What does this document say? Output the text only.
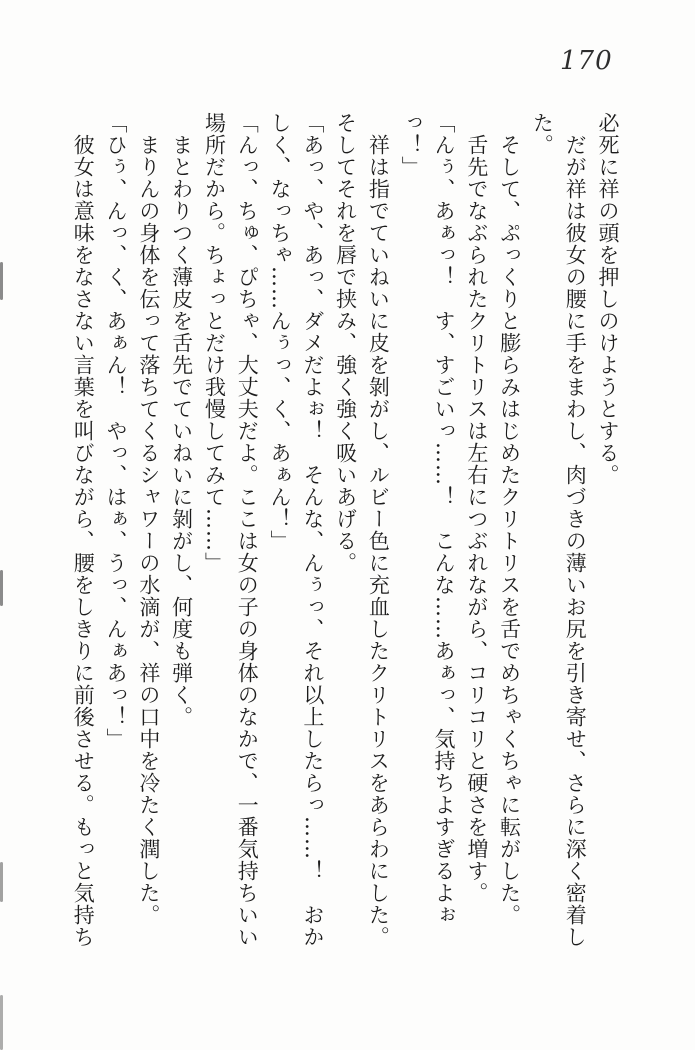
170

必死に祥の頭を押しのけようとする。

　だが祥は彼女の腰に手をまわし、肉づきの薄いお尻を引き寄せ、さらに深く密着し

た。

　そして、ぷっくりと膨らみはじめたクリトリスを舌でめちゃくちゃに転がした。

　舌先でなぶられたクリトリスは左右につぶれながら、コリコリと硬さを増す。

「んぅ、あぁっ！　す、すごいっ……！　こんな……あぁっ、気持ちよすぎるよぉ

っ！」

　祥は指でていねいに皮を剝がし、ルビー色に充血したクリトリスをあらわにした。

そしてそれを唇で挟み、強く強く吸いあげる。

「あっ、や、あっ、ダメだよぉ！　そんな、んぅっ、それ以上したらっ……！　おか

しく、なっちゃ……んぅっ、く、あぁん！」

「んっ、ちゅ、ぴちゃ、大丈夫だよ。ここは女の子の身体のなかで、一番気持ちいい

場所だから。ちょっとだけ我慢してみて……」

　まとわりつく薄皮を舌先でていねいに剝がし、何度も弾く。

　まりんの身体を伝って落ちてくるシャワーの水滴が、祥の口中を冷たく潤した。

「ひぅ、んっ、く、あぁん！　やっ、はぁ、うっ、んぁあっ！」

　彼女は意味をなさない言葉を叫びながら、腰をしきりに前後させる。もっと気持ち
